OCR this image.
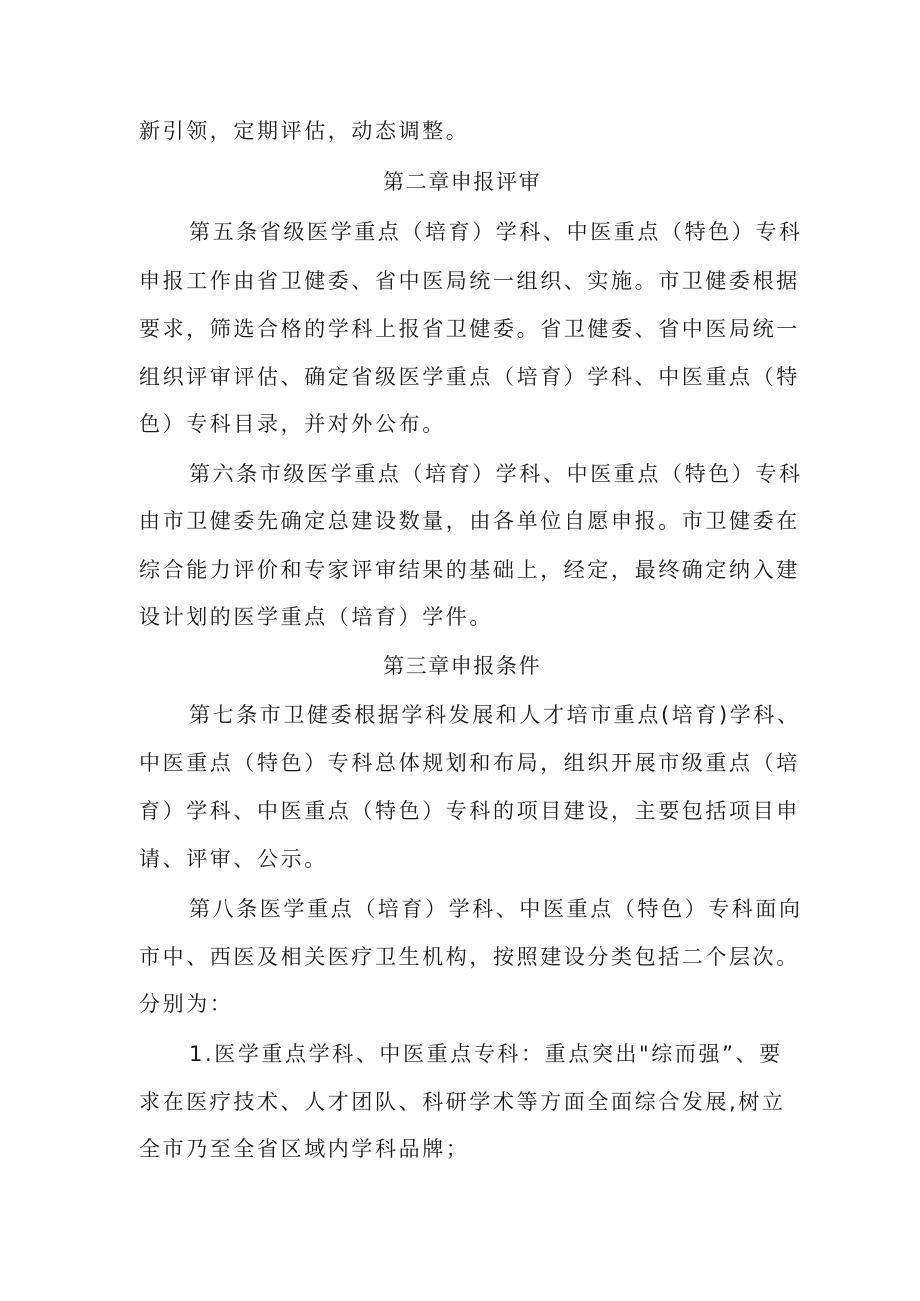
新引领，定期评估，动态调整。
第二章申报评审
第五条省级医学重点（培育）学科、中医重点（特色）专科
申报工作由省卫健委、省中医局统一组织、实施。市卫健委根据
要求，筛选合格的学科上报省卫健委。省卫健委、省中医局统一
组织评审评估、确定省级医学重点（培育）学科、中医重点（特
色）专科目录，并对外公布。
第六条市级医学重点（培育）学科、中医重点（特色）专科
由市卫健委先确定总建设数量，由各单位自愿申报。市卫健委在
综合能力评价和专家评审结果的基础上，经定，最终确定纳入建
设计划的医学重点（培育）学件。
第三章申报条件
第七条市卫健委根据学科发展和人才培市重点(培育)学科、
中医重点（特色）专科总体规划和布局，组织开展市级重点（培
育）学科、中医重点（特色）专科的项目建设，主要包括项目申
请、评审、公示。
第八条医学重点（培育）学科、中医重点（特色）专科面向
市中、西医及相关医疗卫生机构，按照建设分类包括二个层次。
分别为：
1.医学重点学科、中医重点专科：重点突出"综而强”、要
求在医疗技术、人才团队、科研学术等方面全面综合发展,树立
全市乃至全省区域内学科品牌；
